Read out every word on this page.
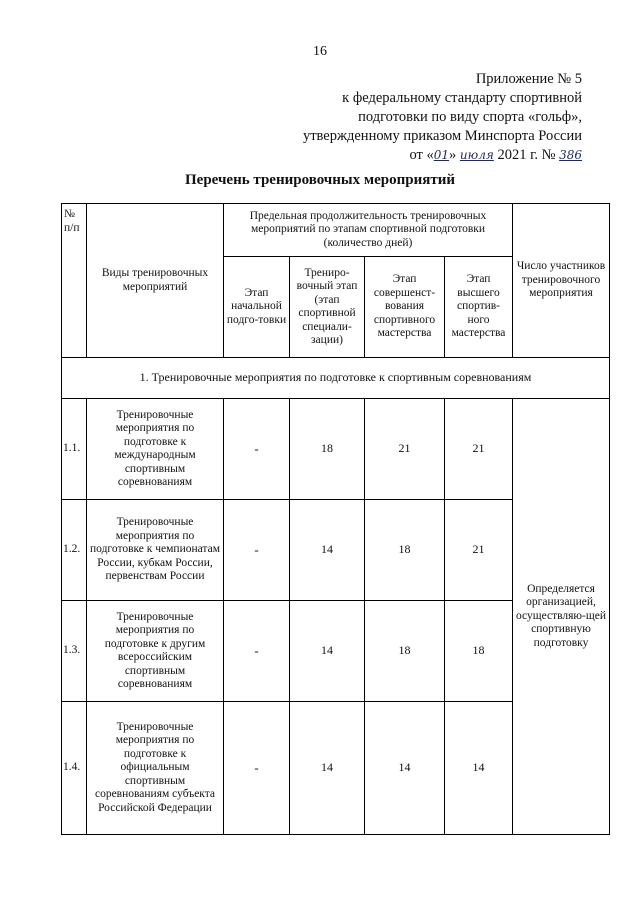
16
Приложение № 5
к федеральному стандарту спортивной
подготовки по виду спорта «гольф»,
утвержденному приказом Минспорта России
от «01» июля 2021 г. № 386
Перечень тренировочных мероприятий
№ п/п	Виды тренировочных мероприятий	Предельная продолжительность тренировочных мероприятий по этапам спортивной подготовки (количество дней)				Число участников тренировочного мероприятия
		Этап начальной подго-товки	Трениро-вочный этап (этап спортивной специали-зации)	Этап совершенст-вования спортивного мастерства	Этап высшего спортив-ного мастерства	
1. Тренировочные мероприятия по подготовке к спортивным соревнованиям						
1.1.	Тренировочные мероприятия по подготовке к международным спортивным соревнованиям	-	18	21	21	Определяется организацией, осуществляю-щей спортивную подготовку
1.2.	Тренировочные мероприятия по подготовке к чемпионатам России, кубкам России, первенствам России	-	14	18	21	
1.3.	Тренировочные мероприятия по подготовке к другим всероссийским спортивным соревнованиям	-	14	18	18	
1.4.	Тренировочные мероприятия по подготовке к официальным спортивным соревнованиям субъекта Российской Федерации	-	14	14	14	
